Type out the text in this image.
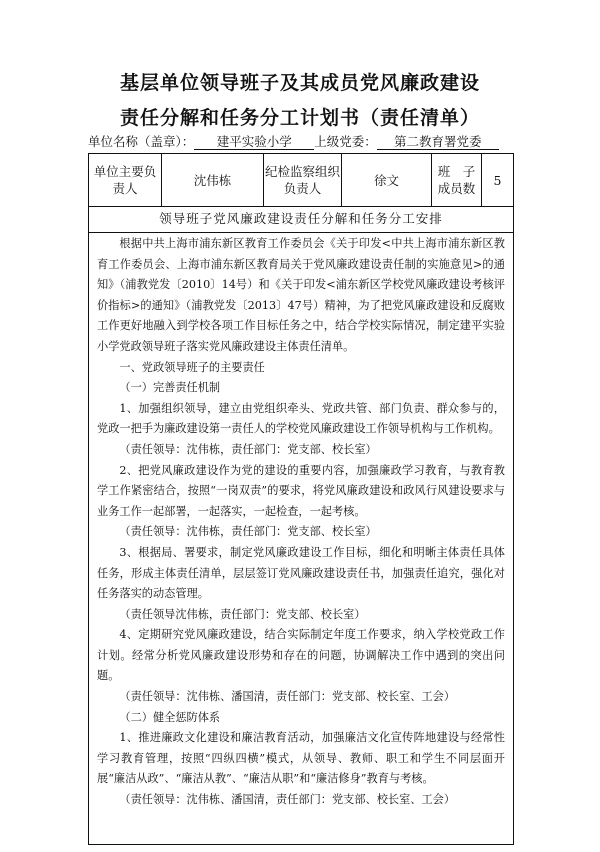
基层单位领导班子及其成员党风廉政建设
责任分解和任务分工计划书（责任清单）
单位名称（盖章）： 建平实验小学 上级党委： 第二教育署党委
单位主要负责人
沈伟栋
纪检监察组织负责人
徐文
班　子成员数
5
领导班子党风廉政建设责任分解和任务分工安排

根据中共上海市浦东新区教育工作委员会《关于印发<中共上海市浦东新区教育工作委员会、上海市浦东新区教育局关于党风廉政建设责任制的实施意见>的通知》（浦教党发〔2010〕14号）和《关于印发<浦东新区学校党风廉政建设考核评价指标>的通知》（浦教党发〔2013〕47号）精神，为了把党风廉政建设和反腐败工作更好地融入到学校各项工作目标任务之中，结合学校实际情况，制定建平实验小学党政领导班子落实党风廉政建设主体责任清单。

一、党政领导班子的主要责任

（一）完善责任机制

1、加强组织领导，建立由党组织牵头、党政共管、部门负责、群众参与的，党政一把手为廉政建设第一责任人的学校党风廉政建设工作领导机构与工作机构。

（责任领导：沈伟栋，责任部门：党支部、校长室）

2、把党风廉政建设作为党的建设的重要内容，加强廉政学习教育，与教育教学工作紧密结合，按照“一岗双责”的要求，将党风廉政建设和政风行风建设要求与业务工作一起部署，一起落实，一起检查，一起考核。

（责任领导：沈伟栋，责任部门：党支部、校长室）

3、根据局、署要求，制定党风廉政建设工作目标，细化和明晰主体责任具体任务，形成主体责任清单，层层签订党风廉政建设责任书，加强责任追究，强化对任务落实的动态管理。

（责任领导沈伟栋，责任部门：党支部、校长室）

4、定期研究党风廉政建设，结合实际制定年度工作要求，纳入学校党政工作计划。经常分析党风廉政建设形势和存在的问题，协调解决工作中遇到的突出问题。

（责任领导：沈伟栋、潘国清，责任部门：党支部、校长室、工会）

（二）健全惩防体系

1、推进廉政文化建设和廉洁教育活动，加强廉洁文化宣传阵地建设与经常性学习教育管理，按照“四纵四横”模式，从领导、教师、职工和学生不同层面开展“廉洁从政”、“廉洁从教”、“廉洁从职”和“廉洁修身”教育与考核。

（责任领导：沈伟栋、潘国清，责任部门：党支部、校长室、工会）
